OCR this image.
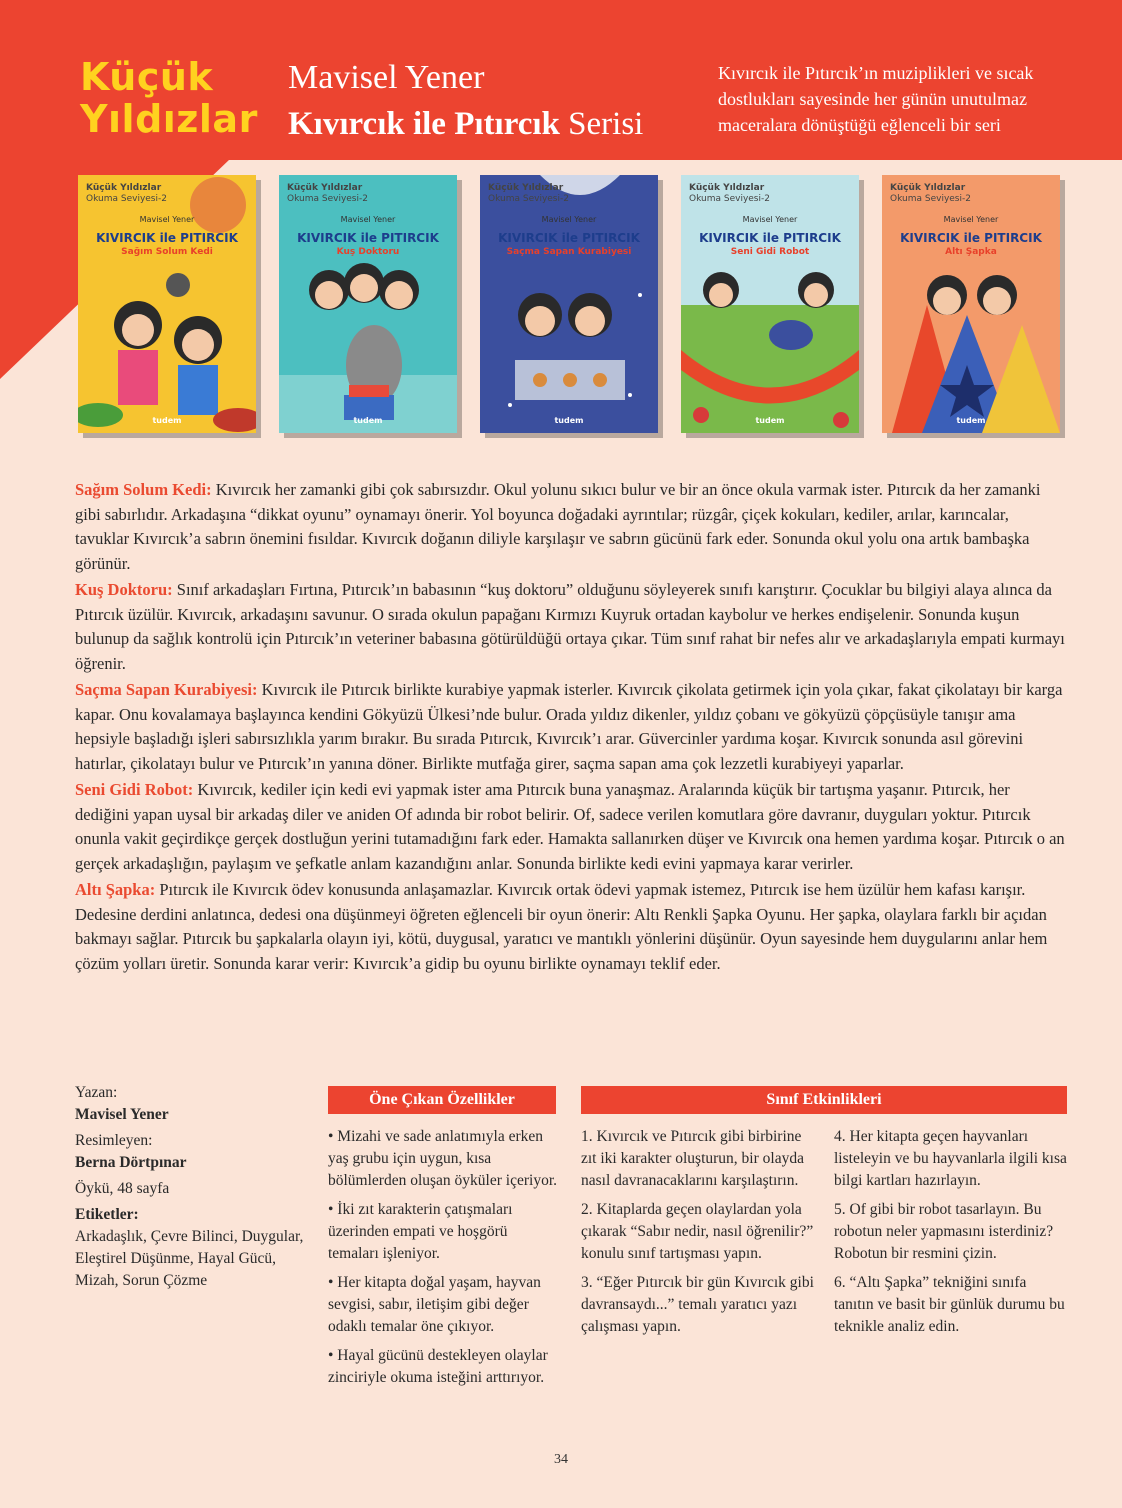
Küçük
Yıldızlar
Mavisel Yener
Kıvırcık ile Pıtırcık Serisi
Kıvırcık ile Pıtırcık’ın muziplikleri ve sıcak dostlukları sayesinde her günün unutulmaz maceralara dönüştüğü eğlenceli bir seri
Küçük Yıldızlar
Okuma Seviyesi-2
Mavisel Yener
KIVIRCIK ile PITIRCIK
Sağım Solum Kedi
tudem
Küçük Yıldızlar
Okuma Seviyesi-2
Mavisel Yener
KIVIRCIK ile PITIRCIK
Kuş Doktoru
tudem
Küçük Yıldızlar
Okuma Seviyesi-2
Mavisel Yener
KIVIRCIK ile PITIRCIK
Saçma Sapan Kurabiyesi
tudem
Küçük Yıldızlar
Okuma Seviyesi-2
Mavisel Yener
KIVIRCIK ile PITIRCIK
Seni Gidi Robot
tudem
Küçük Yıldızlar
Okuma Seviyesi-2
Mavisel Yener
KIVIRCIK ile PITIRCIK
Altı Şapka
tudem

Sağım Solum Kedi: Kıvırcık her zamanki gibi çok sabırsızdır. Okul yolunu sıkıcı bulur ve bir an önce okula varmak ister. Pıtırcık da her zamanki gibi sabırlıdır. Arkadaşına “dikkat oyunu” oynamayı önerir. Yol boyunca doğadaki ayrıntılar; rüzgâr, çiçek kokuları, kediler, arılar, karıncalar, tavuklar Kıvırcık’a sabrın önemini fısıldar. Kıvırcık doğanın diliyle karşılaşır ve sabrın gücünü fark eder. Sonunda okul yolu ona artık bambaşka görünür.

Kuş Doktoru: Sınıf arkadaşları Fırtına, Pıtırcık’ın babasının “kuş doktoru” olduğunu söyleyerek sınıfı karıştırır. Çocuklar bu bilgiyi alaya alınca da Pıtırcık üzülür. Kıvırcık, arkadaşını savunur. O sırada okulun papağanı Kırmızı Kuyruk ortadan kaybolur ve herkes endişelenir. Sonunda kuşun bulunup da sağlık kontrolü için Pıtırcık’ın veteriner babasına götürüldüğü ortaya çıkar. Tüm sınıf rahat bir nefes alır ve arkadaşlarıyla empati kurmayı öğrenir.

Saçma Sapan Kurabiyesi: Kıvırcık ile Pıtırcık birlikte kurabiye yapmak isterler. Kıvırcık çikolata getirmek için yola çıkar, fakat çikolatayı bir karga kapar. Onu kovalamaya başlayınca kendini Gökyüzü Ülkesi’nde bulur. Orada yıldız dikenler, yıldız çobanı ve gökyüzü çöpçüsüyle tanışır ama hepsiyle başladığı işleri sabırsızlıkla yarım bırakır. Bu sırada Pıtırcık, Kıvırcık’ı arar. Güvercinler yardıma koşar. Kıvırcık sonunda asıl görevini hatırlar, çikolatayı bulur ve Pıtırcık’ın yanına döner. Birlikte mutfağa girer, saçma sapan ama çok lezzetli kurabiyeyi yaparlar.

Seni Gidi Robot: Kıvırcık, kediler için kedi evi yapmak ister ama Pıtırcık buna yanaşmaz. Aralarında küçük bir tartışma yaşanır. Pıtırcık, her dediğini yapan uysal bir arkadaş diler ve aniden Of adında bir robot belirir. Of, sadece verilen komutlara göre davranır, duyguları yoktur. Pıtırcık onunla vakit geçirdikçe gerçek dostluğun yerini tutamadığını fark eder. Hamakta sallanırken düşer ve Kıvırcık ona hemen yardıma koşar. Pıtırcık o an gerçek arkadaşlığın, paylaşım ve şefkatle anlam kazandığını anlar. Sonunda birlikte kedi evini yapmaya karar verirler.

Altı Şapka: Pıtırcık ile Kıvırcık ödev konusunda anlaşamazlar. Kıvırcık ortak ödevi yapmak istemez, Pıtırcık ise hem üzülür hem kafası karışır. Dedesine derdini anlatınca, dedesi ona düşünmeyi öğreten eğlenceli bir oyun önerir: Altı Renkli Şapka Oyunu. Her şapka, olaylara farklı bir açıdan bakmayı sağlar. Pıtırcık bu şapkalarla olayın iyi, kötü, duygusal, yaratıcı ve mantıklı yönlerini düşünür. Oyun sayesinde hem duygularını anlar hem çözüm yolları üretir. Sonunda karar verir: Kıvırcık’a gidip bu oyunu birlikte oynamayı teklif eder.

Yazan:
Mavisel Yener
Resimleyen:
Berna Dörtpınar
Öykü, 48 sayfa
Etiketler:
Arkadaşlık, Çevre Bilinci, Duygular, Eleştirel Düşünme, Hayal Gücü, Mizah, Sorun Çözme
Öne Çıkan Özellikler
• Mizahi ve sade anlatımıyla erken yaş grubu için uygun, kısa bölümlerden oluşan öyküler içeriyor.
• İki zıt karakterin çatışmaları üzerinden empati ve hoşgörü temaları işleniyor.
• Her kitapta doğal yaşam, hayvan sevgisi, sabır, iletişim gibi değer odaklı temalar öne çıkıyor.
• Hayal gücünü destekleyen olaylar zinciriyle okuma isteğini arttırıyor.
Sınıf Etkinlikleri
1. Kıvırcık ve Pıtırcık gibi birbirine zıt iki karakter oluşturun, bir olayda nasıl davranacaklarını karşılaştırın.
2. Kitaplarda geçen olaylardan yola çıkarak “Sabır nedir, nasıl öğrenilir?” konulu sınıf tartışması yapın.
3. “Eğer Pıtırcık bir gün Kıvırcık gibi davransaydı...” temalı yaratıcı yazı çalışması yapın.
4. Her kitapta geçen hayvanları listeleyin ve bu hayvanlarla ilgili kısa bilgi kartları hazırlayın.
5. Of gibi bir robot tasarlayın. Bu robotun neler yapmasını isterdiniz? Robotun bir resmini çizin.
6. “Altı Şapka” tekniğini sınıfa tanıtın ve basit bir günlük durumu bu teknikle analiz edin.
34
